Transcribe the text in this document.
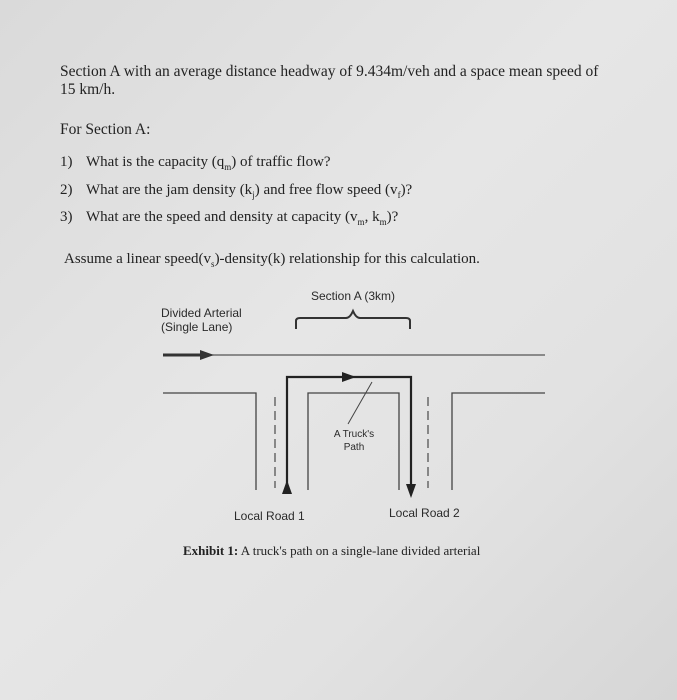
Section A with an average distance headway of 9.434m/veh and a space mean speed of
15 km/h.
For Section A:
1) What is the capacity $(q_m)$ of traffic flow?
2) What are the jam density $(k_j)$ and free flow speed $(v_f)$?
3) What are the speed and density at capacity ($v_m$, $k_m$)?
Assume a linear $speed(v_s)-density(k)$ relationship for this calculation.
Section A (3km)
Divided Arterial
(Single Lane)
A Truck's
Path
Local Road 1	Local Road 2
Exhibit 1: A truck's path on a single-lane divided arterial
